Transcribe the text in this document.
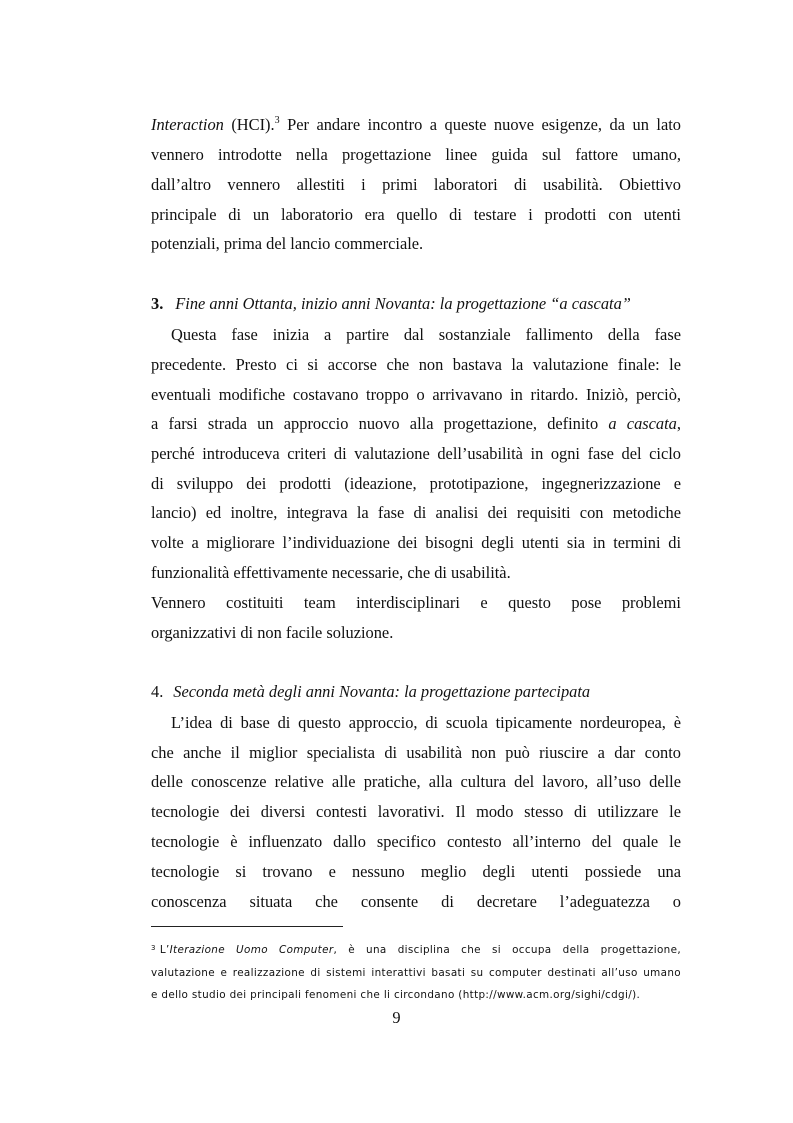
Interaction (HCI).$^3$ Per andare incontro a queste nuove esigenze, da un lato
vennero introdotte nella progettazione linee guida sul fattore umano,
dall’altro vennero allestiti i primi laboratori di usabilità. Obiettivo
principale di un laboratorio era quello di testare i prodotti con utenti
potenziali, prima del lancio commerciale.
3. Fine anni Ottanta, inizio anni Novanta: la progettazione “a cascata”
Questa fase inizia a partire dal sostanziale fallimento della fase
precedente. Presto ci si accorse che non bastava la valutazione finale: le
eventuali modifiche costavano troppo o arrivavano in ritardo. Iniziò, perciò,
a farsi strada un approccio nuovo alla progettazione, definito a cascata,
perché introduceva criteri di valutazione dell’usabilità in ogni fase del ciclo
di sviluppo dei prodotti (ideazione, prototipazione, ingegnerizzazione e
lancio) ed inoltre, integrava la fase di analisi dei requisiti con metodiche
volte a migliorare l’individuazione dei bisogni degli utenti sia in termini di
funzionalità effettivamente necessarie, che di usabilità.
Vennero costituiti team interdisciplinari e questo pose problemi
organizzativi di non facile soluzione.
4. Seconda metà degli anni Novanta: la progettazione partecipata
L’idea di base di questo approccio, di scuola tipicamente nordeuropea, è
che anche il miglior specialista di usabilità non può riuscire a dar conto
delle conoscenze relative alle pratiche, alla cultura del lavoro, all’uso delle
tecnologie dei diversi contesti lavorativi. Il modo stesso di utilizzare le
tecnologie è influenzato dallo specifico contesto all’interno del quale le
tecnologie si trovano e nessuno meglio degli utenti possiede una
conoscenza situata che consente di decretare l’adeguatezza o
$^3$ L’Iterazione Uomo Computer, è una disciplina che si occupa della progettazione,
valutazione e realizzazione di sistemi interattivi basati su computer destinati all’uso umano
e dello studio dei principali fenomeni che li circondano (http://www.acm.org/sighi/cdgi/).
9
